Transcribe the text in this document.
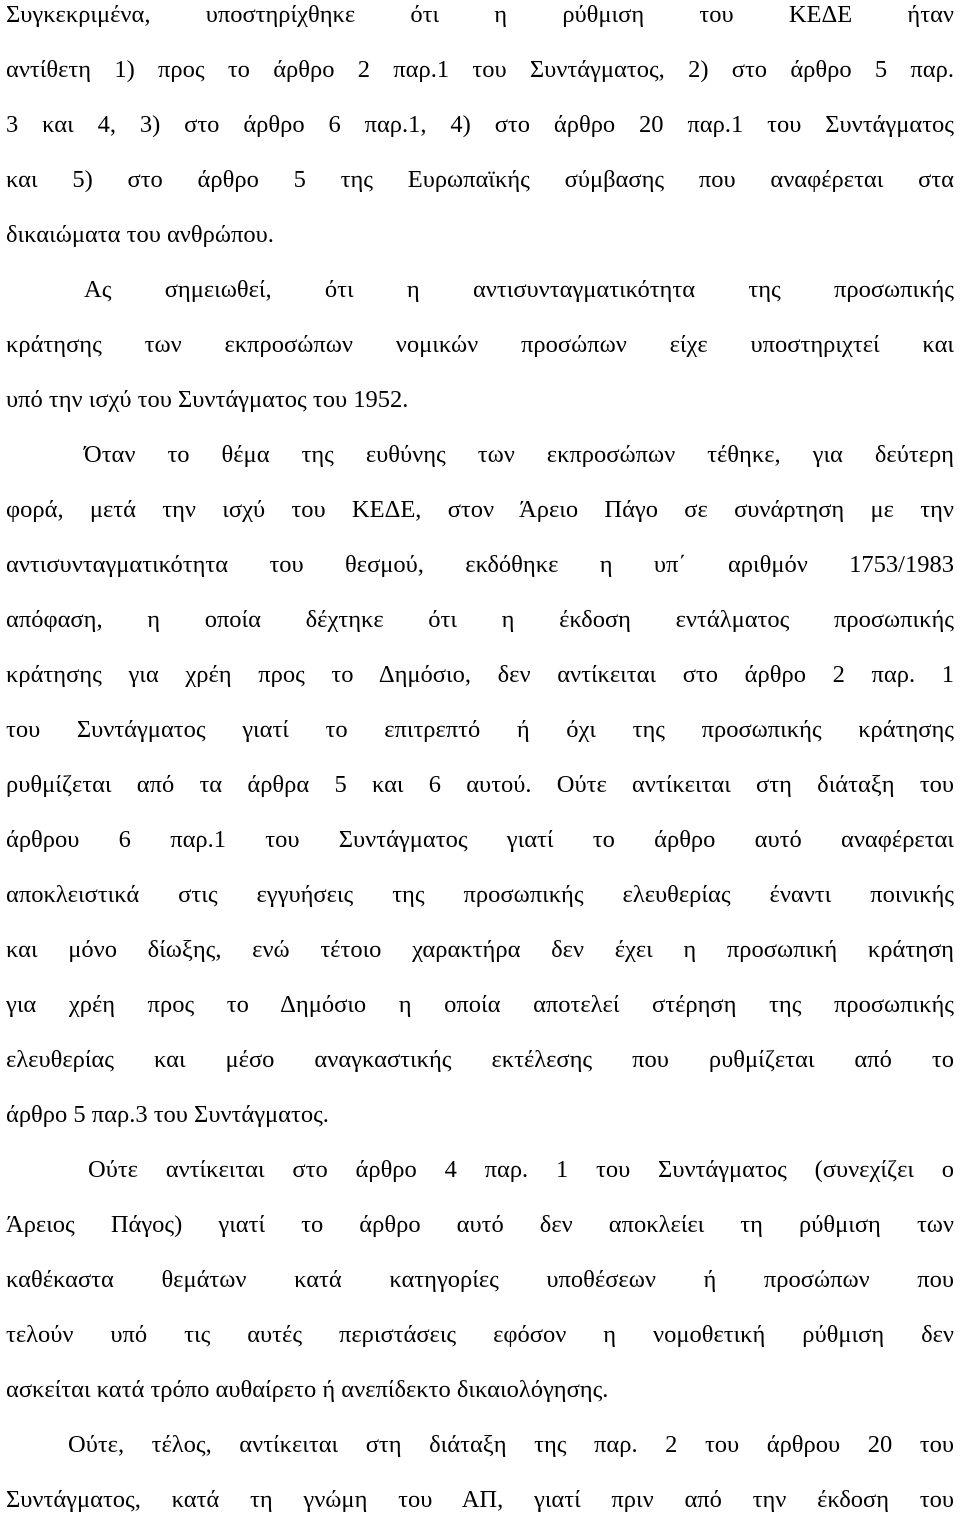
Συγκεκριμένα, υποστηρίχθηκε ότι η ρύθμιση του ΚΕΔΕ ήταν
αντίθετη 1) προς το άρθρο 2 παρ.1 του Συντάγματος, 2) στο άρθρο 5 παρ.
3 και 4, 3) στο άρθρο 6 παρ.1, 4) στο άρθρο 20 παρ.1 του Συντάγματος
και 5) στο άρθρο 5 της Ευρωπαϊκής σύμβασης που αναφέρεται στα
δικαιώματα του ανθρώπου.
Ας σημειωθεί, ότι η αντισυνταγματικότητα της προσωπικής
κράτησης των εκπροσώπων νομικών προσώπων είχε υποστηριχτεί και
υπό την ισχύ του Συντάγματος του 1952.
Όταν το θέμα της ευθύνης των εκπροσώπων τέθηκε, για δεύτερη
φορά, μετά την ισχύ του ΚΕΔΕ, στον Άρειο Πάγο σε συνάρτηση με την
αντισυνταγματικότητα του θεσμού, εκδόθηκε η υπ΄ αριθμόν 1753/1983
απόφαση, η οποία δέχτηκε ότι η έκδοση εντάλματος προσωπικής
κράτησης για χρέη προς το Δημόσιο, δεν αντίκειται στο άρθρο 2 παρ. 1
του Συντάγματος γιατί το επιτρεπτό ή όχι της προσωπικής κράτησης
ρυθμίζεται από τα άρθρα 5 και 6 αυτού. Ούτε αντίκειται στη διάταξη του
άρθρου 6 παρ.1 του Συντάγματος γιατί το άρθρο αυτό αναφέρεται
αποκλειστικά στις εγγυήσεις της προσωπικής ελευθερίας έναντι ποινικής
και μόνο δίωξης, ενώ τέτοιο χαρακτήρα δεν έχει η προσωπική κράτηση
για χρέη προς το Δημόσιο η οποία αποτελεί στέρηση της προσωπικής
ελευθερίας και μέσο αναγκαστικής εκτέλεσης που ρυθμίζεται από το
άρθρο 5 παρ.3 του Συντάγματος.
Ούτε αντίκειται στο άρθρο 4 παρ. 1 του Συντάγματος (συνεχίζει ο
Άρειος Πάγος) γιατί το άρθρο αυτό δεν αποκλείει τη ρύθμιση των
καθέκαστα θεμάτων κατά κατηγορίες υποθέσεων ή προσώπων που
τελούν υπό τις αυτές περιστάσεις εφόσον η νομοθετική ρύθμιση δεν
ασκείται κατά τρόπο αυθαίρετο ή ανεπίδεκτο δικαιολόγησης.
Ούτε, τέλος, αντίκειται στη διάταξη της παρ. 2 του άρθρου 20 του
Συντάγματος, κατά τη γνώμη του ΑΠ, γιατί πριν από την έκδοση του
